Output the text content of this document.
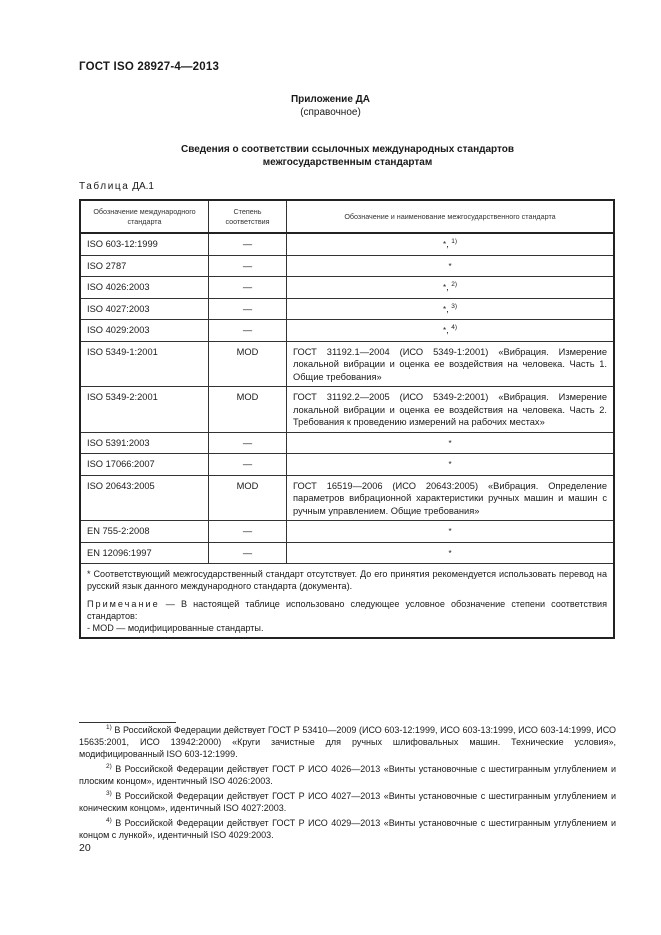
ГОСТ ISO 28927-4—2013
Приложение ДА
(справочное)
Сведения о соответствии ссылочных международных стандартов
межгосударственным стандартам
Таблица ДА.1
Обозначение международного стандарта	Степень соответствия	Обозначение и наименование межгосударственного стандарта
ISO 603-12:1999	—	*, $^{1)}$
ISO 2787	—	*
ISO 4026:2003	—	*, $^{2)}$
ISO 4027:2003	—	*, $^{3)}$
ISO 4029:2003	—	*, $^{4)}$
ISO 5349-1:2001	MOD	ГОСТ 31192.1—2004 (ИСО 5349-1:2001) «Вибрация. Измерение локальной вибрации и оценка ее воздействия на человека. Часть 1. Общие требования»
ISO 5349-2:2001	MOD	ГОСТ 31192.2—2005 (ИСО 5349-2:2001) «Вибрация. Измерение локальной вибрации и оценка ее воздействия на человека. Часть 2. Требования к проведению измерений на рабочих местах»
ISO 5391:2003	—	*
ISO 17066:2007	—	*
ISO 20643:2005	MOD	ГОСТ 16519—2006 (ИСО 20643:2005) «Вибрация. Определение параметров вибрационной характеристики ручных машин и машин с ручным управлением. Общие требования»
EN 755-2:2008	—	*
EN 12096:1997	—	*

* Соответствующий межгосударственный стандарт отсутствует. До его принятия рекомендуется использовать перевод на русский язык данного международного стандарта (документа).

Примечание — В настоящей таблице использовано следующее условное обозначение степени соответствия стандартов:

- MOD — модифицированные стандарты.		

$^{1)}$ В Российской Федерации действует ГОСТ Р 53410—2009 (ИСО 603-12:1999, ИСО 603-13:1999, ИСО 603-14:1999, ИСО 15635:2001, ИСО 13942:2000) «Круги зачистные для ручных шлифовальных машин. Технические условия», модифицированный ISO 603-12:1999.

$^{2)}$ В Российской Федерации действует ГОСТ Р ИСО 4026—2013 «Винты установочные с шестигранным углублением и плоским концом», идентичный ISO 4026:2003.

$^{3)}$ В Российской Федерации действует ГОСТ Р ИСО 4027—2013 «Винты установочные с шестигранным углублением и коническим концом», идентичный ISO 4027:2003.

$^{4)}$ В Российской Федерации действует ГОСТ Р ИСО 4029—2013 «Винты установочные с шестигранным углублением и концом с лункой», идентичный ISO 4029:2003.

20
